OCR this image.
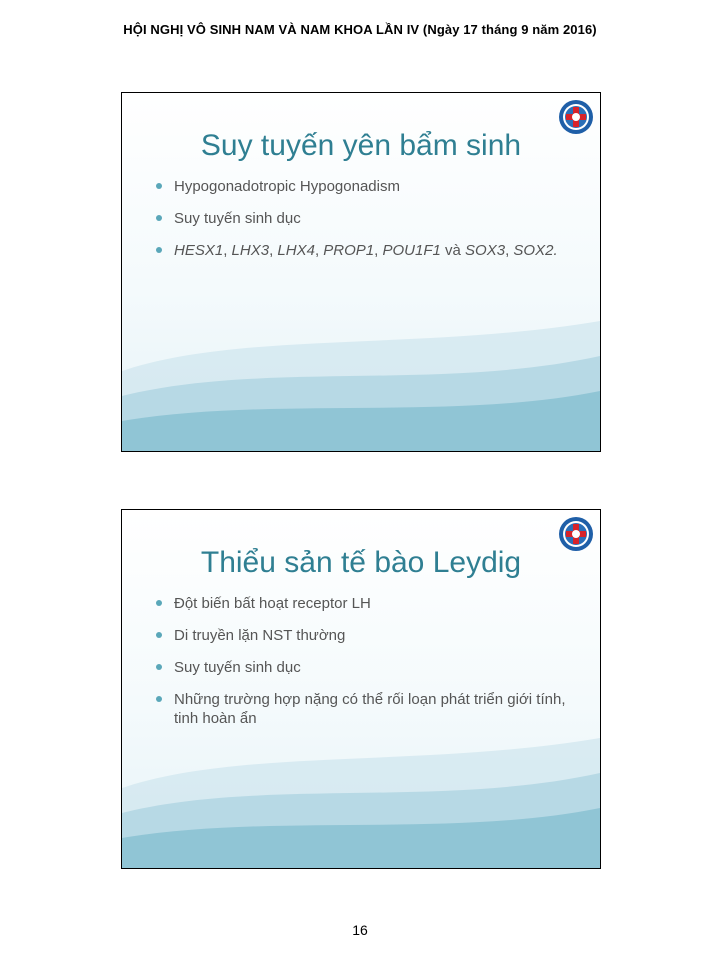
HỘI NGHỊ VÔ SINH NAM VÀ NAM KHOA LẦN IV (Ngày 17 tháng 9 năm 2016)
Suy tuyến yên bẩm sinh
Hypogonadotropic Hypogonadism
Suy tuyến sinh dục
HESX1, LHX3, LHX4, PROP1, POU1F1 và SOX3, SOX2.
Thiểu sản tế bào Leydig
Đột biến bất hoạt receptor LH
Di truyền lặn NST thường
Suy tuyến sinh dục
Những trường hợp nặng có thể rối loạn phát triển giới tính, tinh hoàn ẩn
16
